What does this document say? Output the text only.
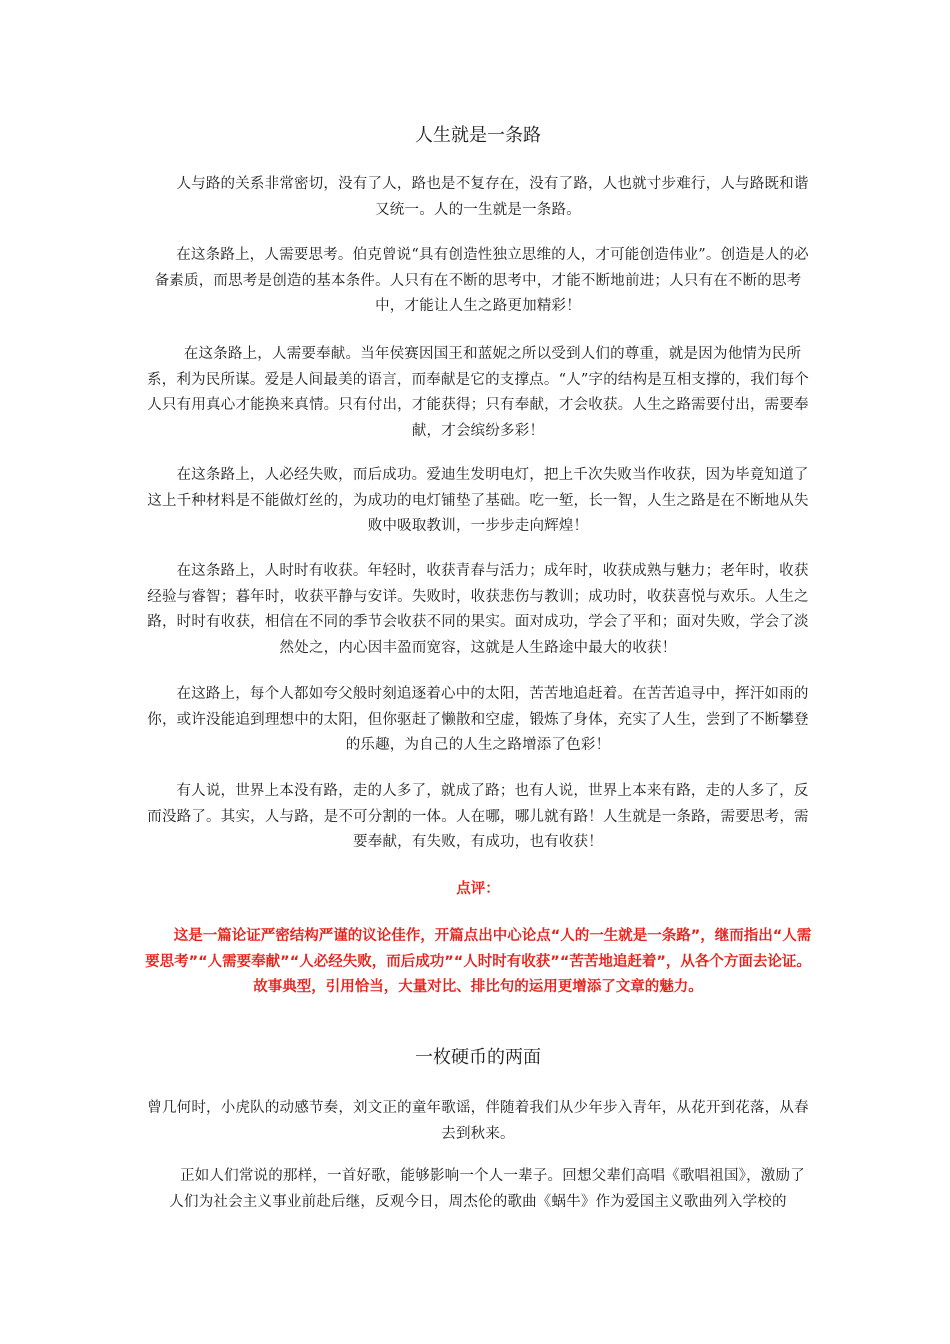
人生就是一条路

人与路的关系非常密切，没有了人，路也是不复存在，没有了路，人也就寸步难行，人与路既和谐又统一。人的一生就是一条路。

在这条路上，人需要思考。伯克曾说“具有创造性独立思维的人，才可能创造伟业”。创造是人的必备素质，而思考是创造的基本条件。人只有在不断的思考中，才能不断地前进；人只有在不断的思考中，才能让人生之路更加精彩！

在这条路上，人需要奉献。当年侯赛因国王和蓝妮之所以受到人们的尊重，就是因为他情为民所系，利为民所谋。爱是人间最美的语言，而奉献是它的支撑点。“人”字的结构是互相支撑的，我们每个人只有用真心才能换来真情。只有付出，才能获得；只有奉献，才会收获。人生之路需要付出，需要奉献，才会缤纷多彩！

在这条路上，人必经失败，而后成功。爱迪生发明电灯，把上千次失败当作收获，因为毕竟知道了这上千种材料是不能做灯丝的，为成功的电灯铺垫了基础。吃一堑，长一智，人生之路是在不断地从失败中吸取教训，一步步走向辉煌！

在这条路上，人时时有收获。年轻时，收获青春与活力；成年时，收获成熟与魅力；老年时，收获经验与睿智；暮年时，收获平静与安详。失败时，收获悲伤与教训；成功时，收获喜悦与欢乐。人生之路，时时有收获，相信在不同的季节会收获不同的果实。面对成功，学会了平和；面对失败，学会了淡然处之，内心因丰盈而宽容，这就是人生路途中最大的收获！

在这路上，每个人都如夸父般时刻追逐着心中的太阳，苦苦地追赶着。在苦苦追寻中，挥汗如雨的你，或许没能追到理想中的太阳，但你驱赶了懒散和空虚，锻炼了身体，充实了人生，尝到了不断攀登的乐趣，为自己的人生之路增添了色彩！

有人说，世界上本没有路，走的人多了，就成了路；也有人说，世界上本来有路，走的人多了，反而没路了。其实，人与路，是不可分割的一体。人在哪，哪儿就有路！人生就是一条路，需要思考，需要奉献，有失败，有成功，也有收获！

点评：

这是一篇论证严密结构严谨的议论佳作，开篇点出中心论点“人的一生就是一条路”，继而指出“人需要思考”“人需要奉献”“人必经失败，而后成功”“人时时有收获”“苦苦地追赶着”，从各个方面去论证。故事典型，引用恰当，大量对比、排比句的运用更增添了文章的魅力。

一枚硬币的两面

曾几何时，小虎队的动感节奏，刘文正的童年歌谣，伴随着我们从少年步入青年，从花开到花落，从春去到秋来。

正如人们常说的那样，一首好歌，能够影响一个人一辈子。回想父辈们高唱《歌唱祖国》，激励了人们为社会主义事业前赴后继，反观今日，周杰伦的歌曲《蜗牛》作为爱国主义歌曲列入学校的
